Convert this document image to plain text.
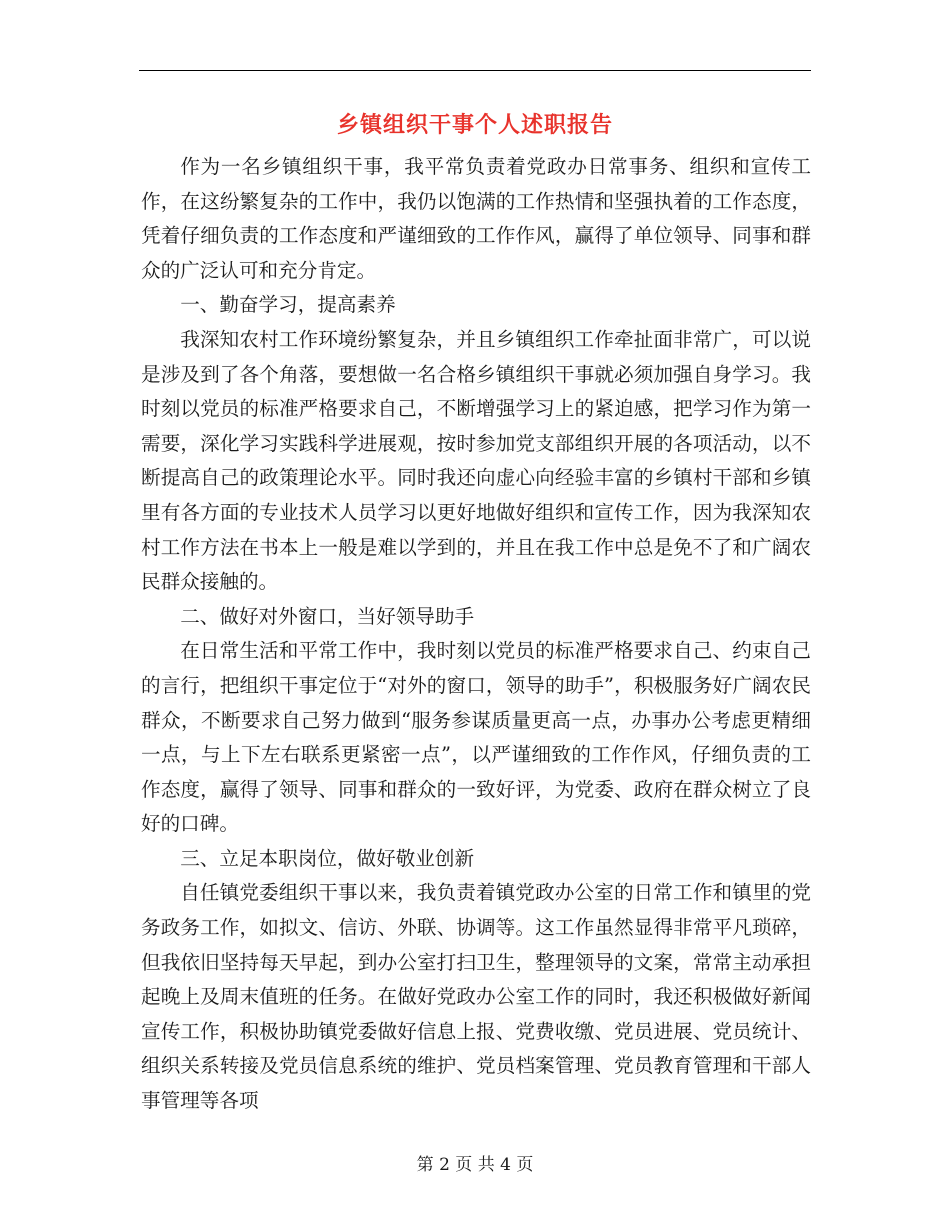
乡镇组织干事个人述职报告

作为一名乡镇组织干事，我平常负责着党政办日常事务、组织和宣传工作，在这纷繁复杂的工作中，我仍以饱满的工作热情和坚强执着的工作态度，凭着仔细负责的工作态度和严谨细致的工作作风，赢得了单位领导、同事和群众的广泛认可和充分肯定。

一、勤奋学习，提高素养

我深知农村工作环境纷繁复杂，并且乡镇组织工作牵扯面非常广，可以说是涉及到了各个角落，要想做一名合格乡镇组织干事就必须加强自身学习。我时刻以党员的标准严格要求自己，不断增强学习上的紧迫感，把学习作为第一需要，深化学习实践科学进展观，按时参加党支部组织开展的各项活动，以不断提高自己的政策理论水平。同时我还向虚心向经验丰富的乡镇村干部和乡镇里有各方面的专业技术人员学习以更好地做好组织和宣传工作，因为我深知农村工作方法在书本上一般是难以学到的，并且在我工作中总是免不了和广阔农民群众接触的。

二、做好对外窗口，当好领导助手

在日常生活和平常工作中，我时刻以党员的标准严格要求自己、约束自己的言行，把组织干事定位于“对外的窗口，领导的助手”，积极服务好广阔农民群众，不断要求自己努力做到“服务参谋质量更高一点，办事办公考虑更精细一点，与上下左右联系更紧密一点”，以严谨细致的工作作风，仔细负责的工作态度，赢得了领导、同事和群众的一致好评，为党委、政府在群众树立了良好的口碑。

三、立足本职岗位，做好敬业创新

自任镇党委组织干事以来，我负责着镇党政办公室的日常工作和镇里的党务政务工作，如拟文、信访、外联、协调等。这工作虽然显得非常平凡琐碎，但我依旧坚持每天早起，到办公室打扫卫生，整理领导的文案，常常主动承担起晚上及周末值班的任务。在做好党政办公室工作的同时，我还积极做好新闻宣传工作，积极协助镇党委做好信息上报、党费收缴、党员进展、党员统计、组织关系转接及党员信息系统的维护、党员档案管理、党员教育管理和干部人事管理等各项

第 2 页 共 4 页
